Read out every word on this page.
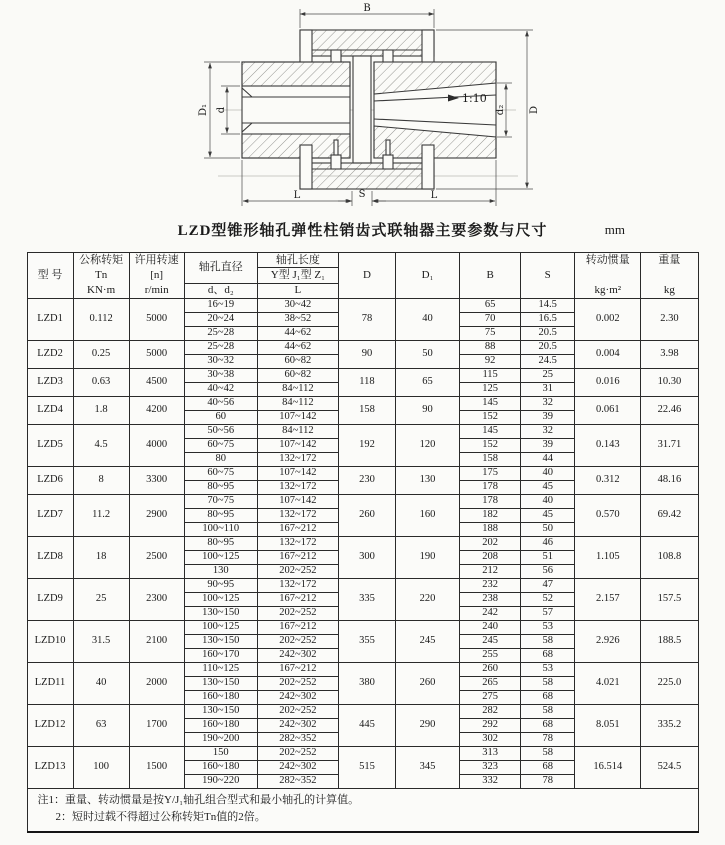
1:10
B
D
d₂
D₁ d
L	S	L
LZD型锥形轴孔弹性柱销齿式联轴器主要参数与尺寸	mm
型 号	
公称转矩
Tn
KN·m

许用转速
[n]
r/min
	轴孔直径	轴孔长度	D	D₁	B	S	
转动惯量

kg·m²

重量

kg

				Y型 J₁型 Z₁						
			d、d₂	L						
LZD1	0.112	5000	16~19	30~42	78	40	65	14.5	0.002	2.30
			20~24	38~52			70	16.5		
			25~28	44~62			75	20.5		
LZD2	0.25	5000	25~28	44~62	90	50	88	20.5	0.004	3.98
			30~32	60~82			92	24.5		
LZD3	0.63	4500	30~38	60~82	118	65	115	25	0.016	10.30
			40~42	84~112			125	31		
LZD4	1.8	4200	40~56	84~112	158	90	145	32	0.061	22.46
			60	107~142			152	39		
LZD5	4.5	4000	50~56	84~112	192	120	145	32	0.143	31.71
			60~75	107~142			152	39		
			80	132~172			158	44		
LZD6	8	3300	60~75	107~142	230	130	175	40	0.312	48.16
			80~95	132~172			178	45		
LZD7	11.2	2900	70~75	107~142	260	160	178	40	0.570	69.42
			80~95	132~172			182	45		
			100~110	167~212			188	50		
LZD8	18	2500	80~95	132~172	300	190	202	46	1.105	108.8
			100~125	167~212			208	51		
			130	202~252			212	56		
LZD9	25	2300	90~95	132~172	335	220	232	47	2.157	157.5
			100~125	167~212			238	52		
			130~150	202~252			242	57		
LZD10	31.5	2100	100~125	167~212	355	245	240	53	2.926	188.5
			130~150	202~252			245	58		
			160~170	242~302			255	68		
LZD11	40	2000	110~125	167~212	380	260	260	53	4.021	225.0
			130~150	202~252			265	58		
			160~180	242~302			275	68		
LZD12	63	1700	130~150	202~252	445	290	282	58	8.051	335.2
			160~180	242~302			292	68		
			190~200	282~352			302	78		
LZD13	100	1500	150	202~252	515	345	313	58	16.514	524.5
			160~180	242~302			323	68		
			190~220	282~352			332	78		

注1：重量、转动惯量是按Y/J₁轴孔组合型式和最小轴孔的计算值。
2：短时过载不得超过公称转矩Tn值的2倍。										
